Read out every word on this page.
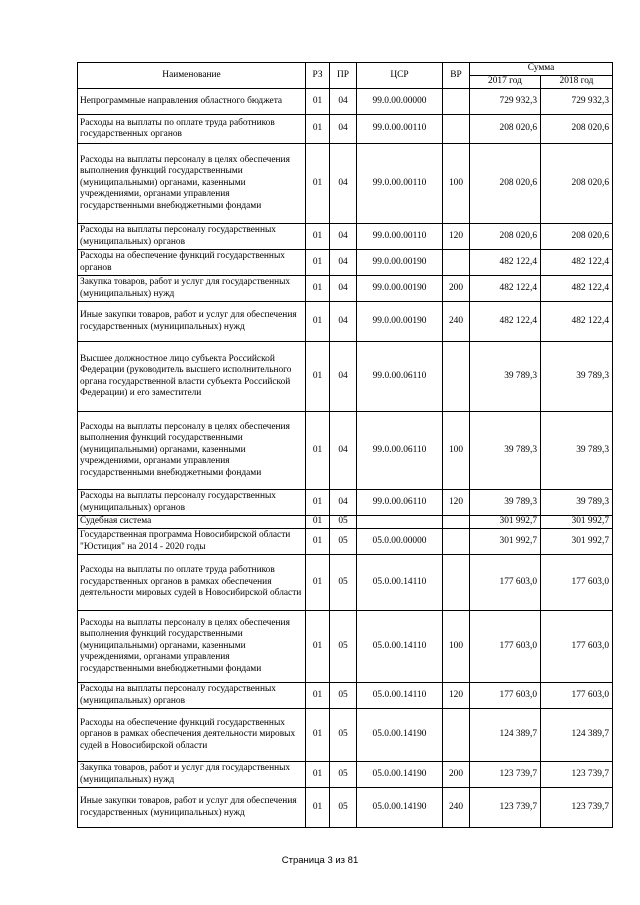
Наименование	РЗ	ПР	ЦСР	ВР	Сумма	
					2017 год	2018 год
Непрограммные направления областного бюджета	01	04	99.0.00.00000		729 932,3	729 932,3
Расходы на выплаты по оплате труда работников государственных органов	01	04	99.0.00.00110		208 020,6	208 020,6
Расходы на выплаты персоналу в целях обеспечения выполнения функций государственными (муниципальными) органами, казенными учреждениями, органами управления государственными внебюджетными фондами	01	04	99.0.00.00110	100	208 020,6	208 020,6
Расходы на выплаты персоналу государственных (муниципальных) органов	01	04	99.0.00.00110	120	208 020,6	208 020,6
Расходы на обеспечение функций государственных органов	01	04	99.0.00.00190		482 122,4	482 122,4
Закупка товаров, работ и услуг для государственных (муниципальных) нужд	01	04	99.0.00.00190	200	482 122,4	482 122,4
Иные закупки товаров, работ и услуг для обеспечения государственных (муниципальных) нужд	01	04	99.0.00.00190	240	482 122,4	482 122,4
Высшее должностное лицо субъекта Российской Федерации (руководитель высшего исполнительного органа государственной власти субъекта Российской Федерации) и его заместители	01	04	99.0.00.06110		39 789,3	39 789,3
Расходы на выплаты персоналу в целях обеспечения выполнения функций государственными (муниципальными) органами, казенными учреждениями, органами управления государственными внебюджетными фондами	01	04	99.0.00.06110	100	39 789,3	39 789,3
Расходы на выплаты персоналу государственных (муниципальных) органов	01	04	99.0.00.06110	120	39 789,3	39 789,3
Судебная система	01	05			301 992,7	301 992,7
Государственная программа Новосибирской области "Юстиция" на 2014 - 2020 годы	01	05	05.0.00.00000		301 992,7	301 992,7
Расходы на выплаты по оплате труда работников государственных органов в рамках обеспечения деятельности мировых судей в Новосибирской области	01	05	05.0.00.14110		177 603,0	177 603,0
Расходы на выплаты персоналу в целях обеспечения выполнения функций государственными (муниципальными) органами, казенными учреждениями, органами управления государственными внебюджетными фондами	01	05	05.0.00.14110	100	177 603,0	177 603,0
Расходы на выплаты персоналу государственных (муниципальных) органов	01	05	05.0.00.14110	120	177 603,0	177 603,0
Расходы на обеспечение функций государственных органов в рамках обеспечения деятельности мировых судей в Новосибирской области	01	05	05.0.00.14190		124 389,7	124 389,7
Закупка товаров, работ и услуг для государственных (муниципальных) нужд	01	05	05.0.00.14190	200	123 739,7	123 739,7
Иные закупки товаров, работ и услуг для обеспечения государственных (муниципальных) нужд	01	05	05.0.00.14190	240	123 739,7	123 739,7
Страница 3 из 81
